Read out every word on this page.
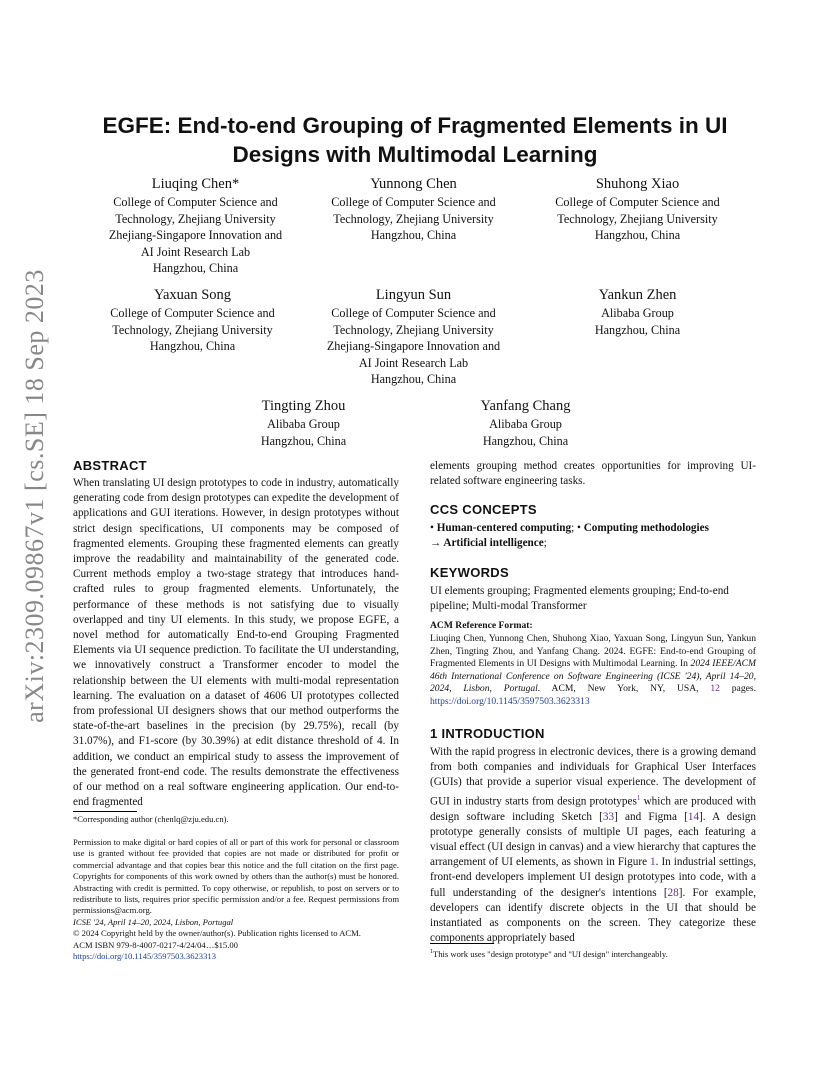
arXiv:2309.09867v1 [cs.SE] 18 Sep 2023
EGFE: End-to-end Grouping of Fragmented Elements in UI Designs with Multimodal Learning
Liuqing Chen*
College of Computer Science and
Technology, Zhejiang University
Zhejiang-Singapore Innovation and
AI Joint Research Lab
Hangzhou, China
Yunnong Chen
College of Computer Science and
Technology, Zhejiang University
Hangzhou, China
Shuhong Xiao
College of Computer Science and
Technology, Zhejiang University
Hangzhou, China
Yaxuan Song
College of Computer Science and
Technology, Zhejiang University
Hangzhou, China
Lingyun Sun
College of Computer Science and
Technology, Zhejiang University
Zhejiang-Singapore Innovation and
AI Joint Research Lab
Hangzhou, China
Yankun Zhen
Alibaba Group
Hangzhou, China
Tingting Zhou
Alibaba Group
Hangzhou, China
Yanfang Chang
Alibaba Group
Hangzhou, China
ABSTRACT
When translating UI design prototypes to code in industry, automatically generating code from design prototypes can expedite the development of applications and GUI iterations. However, in design prototypes without strict design specifications, UI components may be composed of fragmented elements. Grouping these fragmented elements can greatly improve the readability and maintainability of the generated code. Current methods employ a two-stage strategy that introduces hand-crafted rules to group fragmented elements. Unfortunately, the performance of these methods is not satisfying due to visually overlapped and tiny UI elements. In this study, we propose EGFE, a novel method for automatically End-to-end Grouping Fragmented Elements via UI sequence prediction. To facilitate the UI understanding, we innovatively construct a Transformer encoder to model the relationship between the UI elements with multi-modal representation learning. The evaluation on a dataset of 4606 UI prototypes collected from professional UI designers shows that our method outperforms the state-of-the-art baselines in the precision (by 29.75%), recall (by 31.07%), and F1-score (by 30.39%) at edit distance threshold of 4. In addition, we conduct an empirical study to assess the improvement of the generated front-end code. The results demonstrate the effectiveness of our method on a real software engineering application. Our end-to-end fragmented
*Corresponding author (chenlq@zju.edu.cn).
Permission to make digital or hard copies of all or part of this work for personal or classroom use is granted without fee provided that copies are not made or distributed for profit or commercial advantage and that copies bear this notice and the full citation on the first page. Copyrights for components of this work owned by others than the author(s) must be honored. Abstracting with credit is permitted. To copy otherwise, or republish, to post on servers or to redistribute to lists, requires prior specific permission and/or a fee. Request permissions from permissions@acm.org.
ICSE '24, April 14–20, 2024, Lisbon, Portugal
© 2024 Copyright held by the owner/author(s). Publication rights licensed to ACM.
ACM ISBN 979-8-4007-0217-4/24/04…$15.00
https://doi.org/10.1145/3597503.3623313
elements grouping method creates opportunities for improving UI-related software engineering tasks.
CCS CONCEPTS
• Human-centered computing; • Computing methodologies
→ Artificial intelligence;
KEYWORDS
UI elements grouping; Fragmented elements grouping; End-to-end pipeline; Multi-modal Transformer
ACM Reference Format:
Liuqing Chen, Yunnong Chen, Shuhong Xiao, Yaxuan Song, Lingyun Sun, Yankun Zhen, Tingting Zhou, and Yanfang Chang. 2024. EGFE: End-to-end Grouping of Fragmented Elements in UI Designs with Multimodal Learning. In 2024 IEEE/ACM 46th International Conference on Software Engineering (ICSE '24), April 14–20, 2024, Lisbon, Portugal. ACM, New York, NY, USA, 12 pages. https://doi.org/10.1145/3597503.3623313
1 INTRODUCTION
With the rapid progress in electronic devices, there is a growing demand from both companies and individuals for Graphical User Interfaces (GUIs) that provide a superior visual experience. The development of GUI in industry starts from design prototypes$^1$ which are produced with design software including Sketch [33] and Figma [14]. A design prototype generally consists of multiple UI pages, each featuring a visual effect (UI design in canvas) and a view hierarchy that captures the arrangement of UI elements, as shown in Figure 1. In industrial settings, front-end developers implement UI design prototypes into code, with a full understanding of the designer's intentions [28]. For example, developers can identify discrete objects in the UI that should be instantiated as components on the screen. They categorize these components appropriately based
$^1$This work uses "design prototype" and "UI design" interchangeably.
